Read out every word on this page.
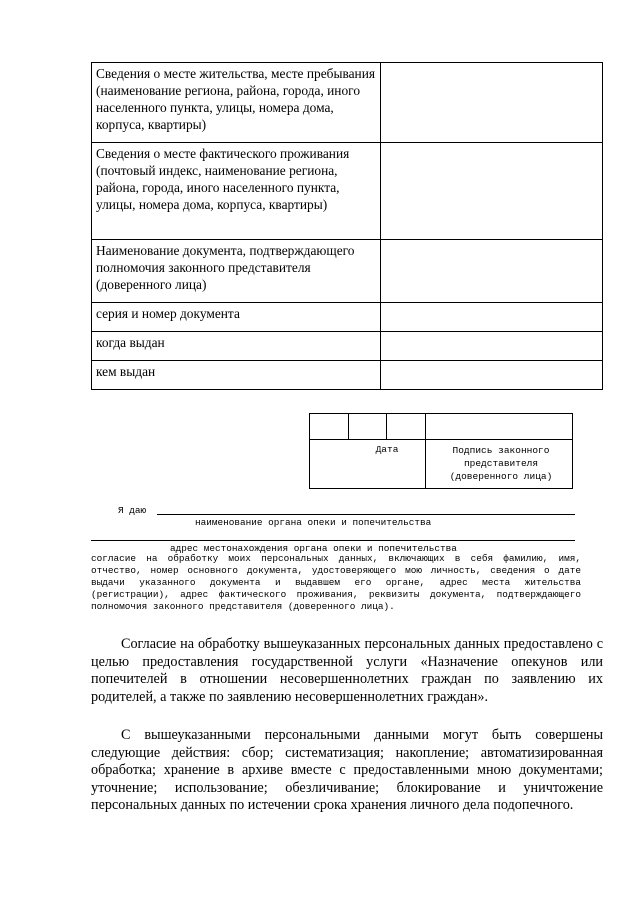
Сведения о месте жительства, месте пребывания (наименование региона, района, города, иного населенного пункта, улицы, номера дома, корпуса, квартиры)	
Сведения о месте фактического проживания (почтовый индекс, наименование региона, района, города, иного населенного пункта, улицы, номера дома, корпуса, квартиры)	
Наименование документа, подтверждающего полномочия законного представителя (доверенного лица)	
серия и номер документа	
когда выдан	
кем выдан	
Дата	Подпись законного представителя (доверенного лица)
Я даю
наименование органа опеки и попечительства
адрес местонахождения органа опеки и попечительства
согласие на обработку моих персональных данных, включающих в себя фамилию, имя, отчество, номер основного документа, удостоверяющего мою личность, сведения о дате выдачи указанного документа и выдавшем его органе, адрес места жительства (регистрации), адрес фактического проживания, реквизиты документа, подтверждающего полномочия законного представителя (доверенного лица).

Согласие на обработку вышеуказанных персональных данных предоставлено с целью предоставления государственной услуги «Назначение опекунов или попечителей в отношении несовершеннолетних граждан по заявлению их родителей, а также по заявлению несовершеннолетних граждан».

С вышеуказанными персональными данными могут быть совершены следующие действия: сбор; систематизация; накопление; автоматизированная обработка; хранение в архиве вместе с предоставленными мною документами; уточнение; использование; обезличивание; блокирование и уничтожение персональных данных по истечении срока хранения личного дела подопечного.
